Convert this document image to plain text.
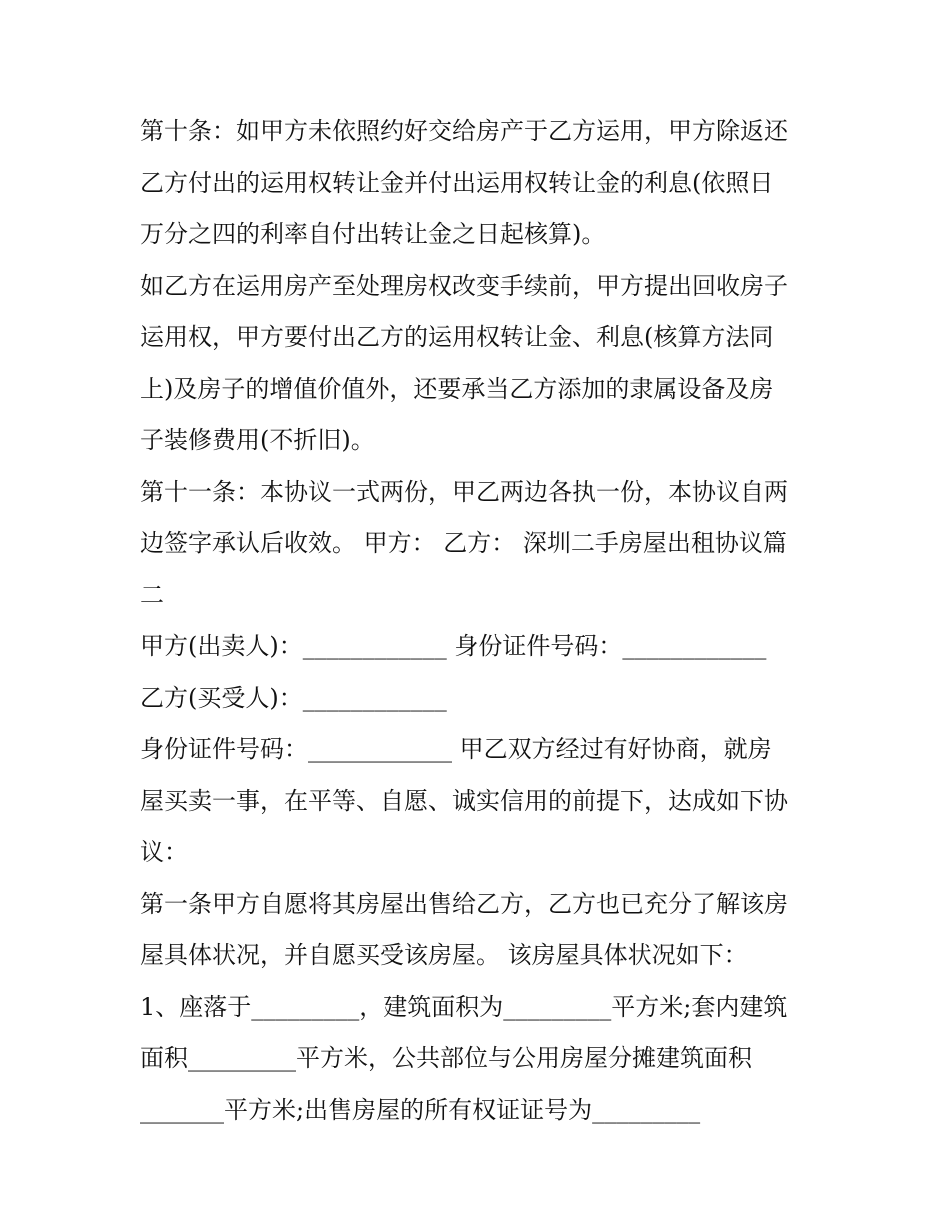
第十条：如甲方未依照约好交给房产于乙方运用，甲方除返还
乙方付出的运用权转让金并付出运用权转让金的利息(依照日
万分之四的利率自付出转让金之日起核算)。
如乙方在运用房产至处理房权改变手续前，甲方提出回收房子
运用权，甲方要付出乙方的运用权转让金、利息(核算方法同
上)及房子的增值价值外，还要承当乙方添加的隶属设备及房
子装修费用(不折旧)。
第十一条：本协议一式两份，甲乙两边各执一份，本协议自两
边签字承认后收效。 甲方： 乙方： 深圳二手房屋出租协议篇
二
甲方(出卖人)：____________ 身份证件号码：____________
乙方(买受人)：____________
身份证件号码：____________ 甲乙双方经过有好协商，就房
屋买卖一事，在平等、自愿、诚实信用的前提下，达成如下协
议：
第一条甲方自愿将其房屋出售给乙方，乙方也已充分了解该房
屋具体状况，并自愿买受该房屋。 该房屋具体状况如下：
1、座落于_________，建筑面积为_________平方米;套内建筑
面积_________平方米，公共部位与公用房屋分摊建筑面积
_______平方米;出售房屋的所有权证证号为_________
